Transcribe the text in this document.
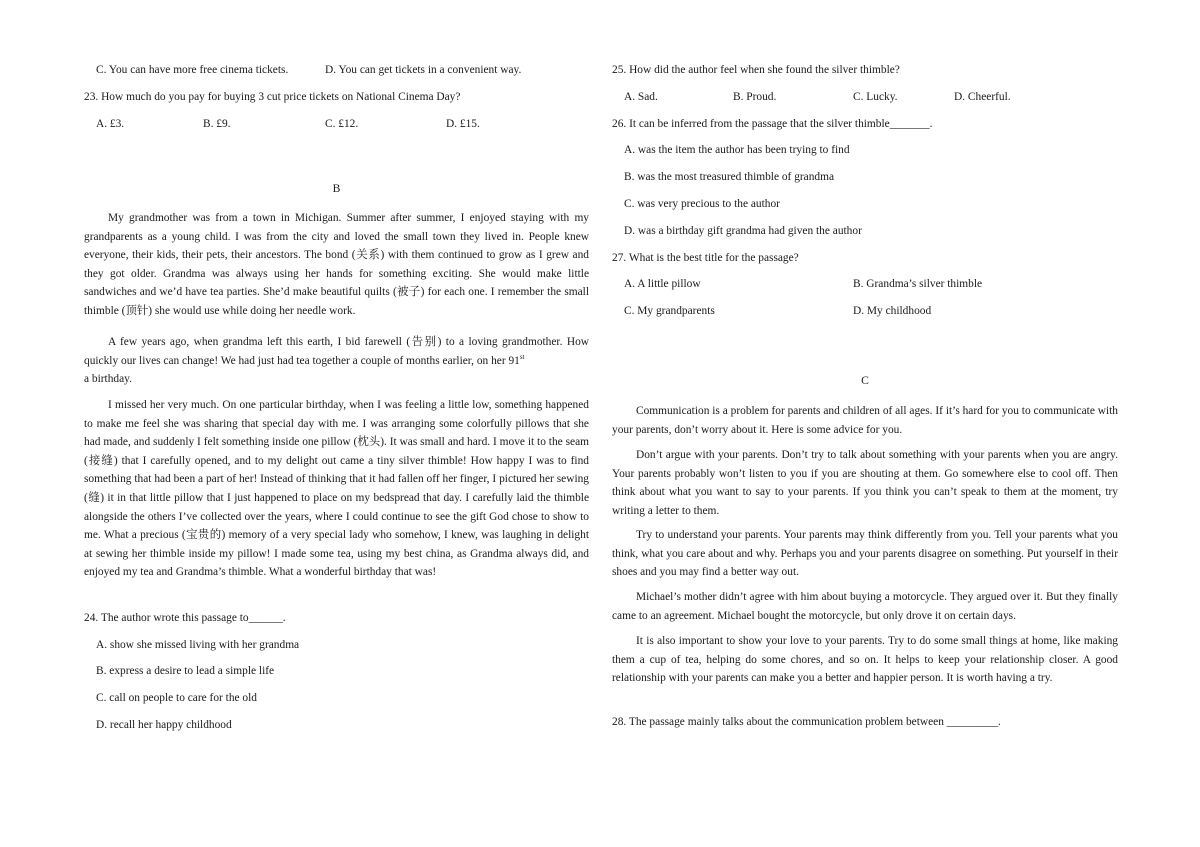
C. You can have more free cinema tickets.	D. You can get tickets in a convenient way.
23. How much do you pay for buying 3 cut price tickets on National Cinema Day?
A. £3.	B. £9.	C. £12.	D. £15.
B
My grandmother was from a town in Michigan. Summer after summer, I enjoyed staying with my grandparents as a young child. I was from the city and loved the small town they lived in. People knew everyone, their kids, their pets, their ancestors. The bond (关系) with them continued to grow as I grew and they got older. Grandma was always using her hands for something exciting. She would make little sandwiches and we’d have tea parties. She’d make beautiful quilts (被子) for each one. I remember the small thimble (顶针) she would use while doing her needle work.
A few years ago, when grandma left this earth, I bid farewell (告别) to a loving grandmother. How quickly our lives can change! We had just had tea together a couple of months earlier, on her 91st
a birthday.
I missed her very much. On one particular birthday, when I was feeling a little low, something happened to make me feel she was sharing that special day with me. I was arranging some colorfully pillows that she had made, and suddenly I felt something inside one pillow (枕头). It was small and hard. I move it to the seam (接缝) that I carefully opened, and to my delight out came a tiny silver thimble! How happy I was to find something that had been a part of her! Instead of thinking that it had fallen off her finger, I pictured her sewing (缝) it in that little pillow that I just happened to place on my bedspread that day. I carefully laid the thimble alongside the others I’ve collected over the years, where I could continue to see the gift God chose to show to me. What a precious (宝贵的) memory of a very special lady who somehow, I knew, was laughing in delight at sewing her thimble inside my pillow! I made some tea, using my best china, as Grandma always did, and enjoyed my tea and Grandma’s thimble. What a wonderful birthday that was!
24. The author wrote this passage to______.
A. show she missed living with her grandma
B. express a desire to lead a simple life
C. call on people to care for the old
D. recall her happy childhood
25. How did the author feel when she found the silver thimble?
A. Sad.	B. Proud.	C. Lucky.	D. Cheerful.
26. It can be inferred from the passage that the silver thimble_______.
A. was the item the author has been trying to find
B. was the most treasured thimble of grandma
C. was very precious to the author
D. was a birthday gift grandma had given the author
27. What is the best title for the passage?
A. A little pillow	B. Grandma’s silver thimble
C. My grandparents	D. My childhood
C
Communication is a problem for parents and children of all ages. If it’s hard for you to communicate with your parents, don’t worry about it. Here is some advice for you.
Don’t argue with your parents. Don’t try to talk about something with your parents when you are angry. Your parents probably won’t listen to you if you are shouting at them. Go somewhere else to cool off. Then think about what you want to say to your parents. If you think you can’t speak to them at the moment, try writing a letter to them.
Try to understand your parents. Your parents may think differently from you. Tell your parents what you think, what you care about and why. Perhaps you and your parents disagree on something. Put yourself in their shoes and you may find a better way out.
Michael’s mother didn’t agree with him about buying a motorcycle. They argued over it. But they finally came to an agreement. Michael bought the motorcycle, but only drove it on certain days.
It is also important to show your love to your parents. Try to do some small things at home, like making them a cup of tea, helping do some chores, and so on. It helps to keep your relationship closer. A good relationship with your parents can make you a better and happier person. It is worth having a try.
28. The passage mainly talks about the communication problem between _________.
